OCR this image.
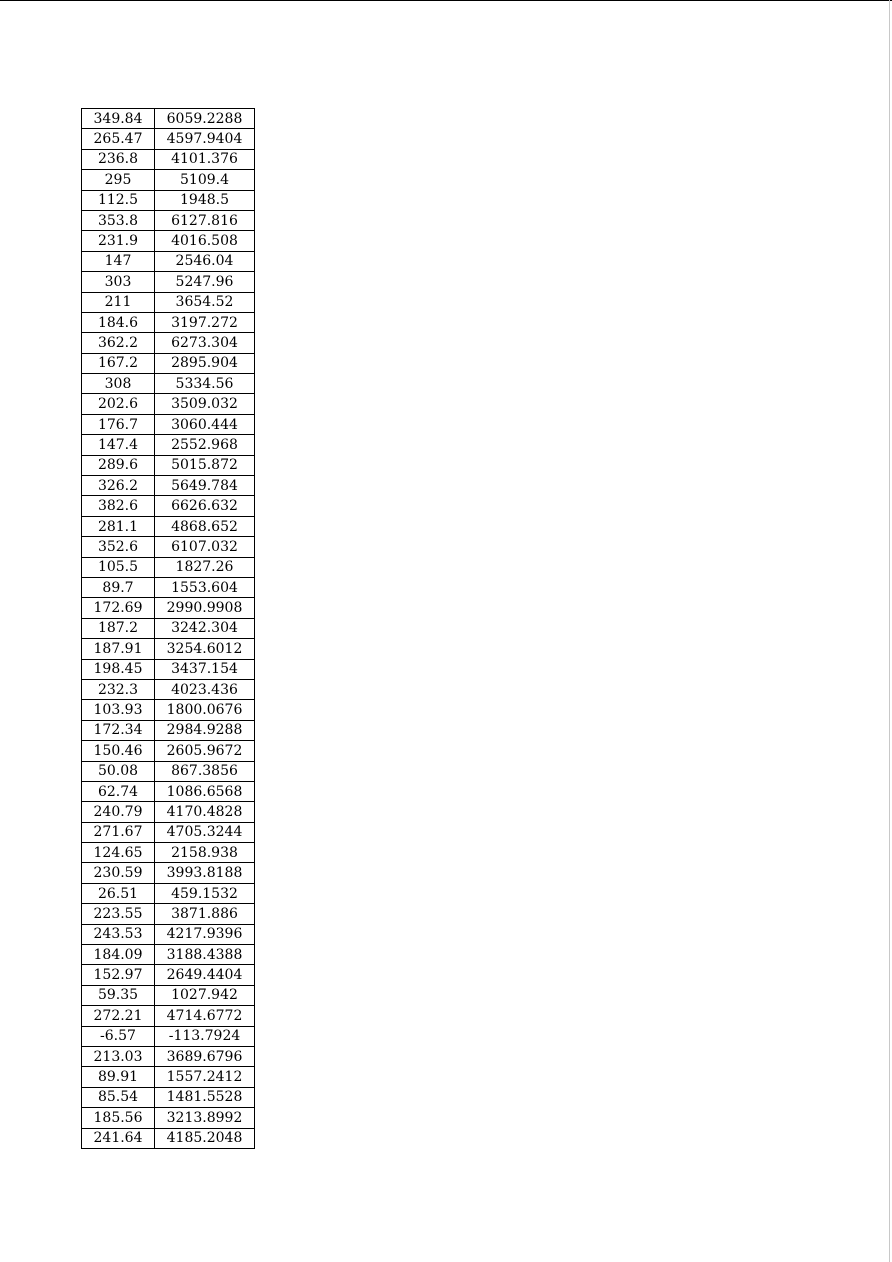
349.84	6059.2288
265.47	4597.9404
236.8	4101.376
295	5109.4
112.5	1948.5
353.8	6127.816
231.9	4016.508
147	2546.04
303	5247.96
211	3654.52
184.6	3197.272
362.2	6273.304
167.2	2895.904
308	5334.56
202.6	3509.032
176.7	3060.444
147.4	2552.968
289.6	5015.872
326.2	5649.784
382.6	6626.632
281.1	4868.652
352.6	6107.032
105.5	1827.26
89.7	1553.604
172.69	2990.9908
187.2	3242.304
187.91	3254.6012
198.45	3437.154
232.3	4023.436
103.93	1800.0676
172.34	2984.9288
150.46	2605.9672
50.08	867.3856
62.74	1086.6568
240.79	4170.4828
271.67	4705.3244
124.65	2158.938
230.59	3993.8188
26.51	459.1532
223.55	3871.886
243.53	4217.9396
184.09	3188.4388
152.97	2649.4404
59.35	1027.942
272.21	4714.6772
-6.57	-113.7924
213.03	3689.6796
89.91	1557.2412
85.54	1481.5528
185.56	3213.8992
241.64	4185.2048
